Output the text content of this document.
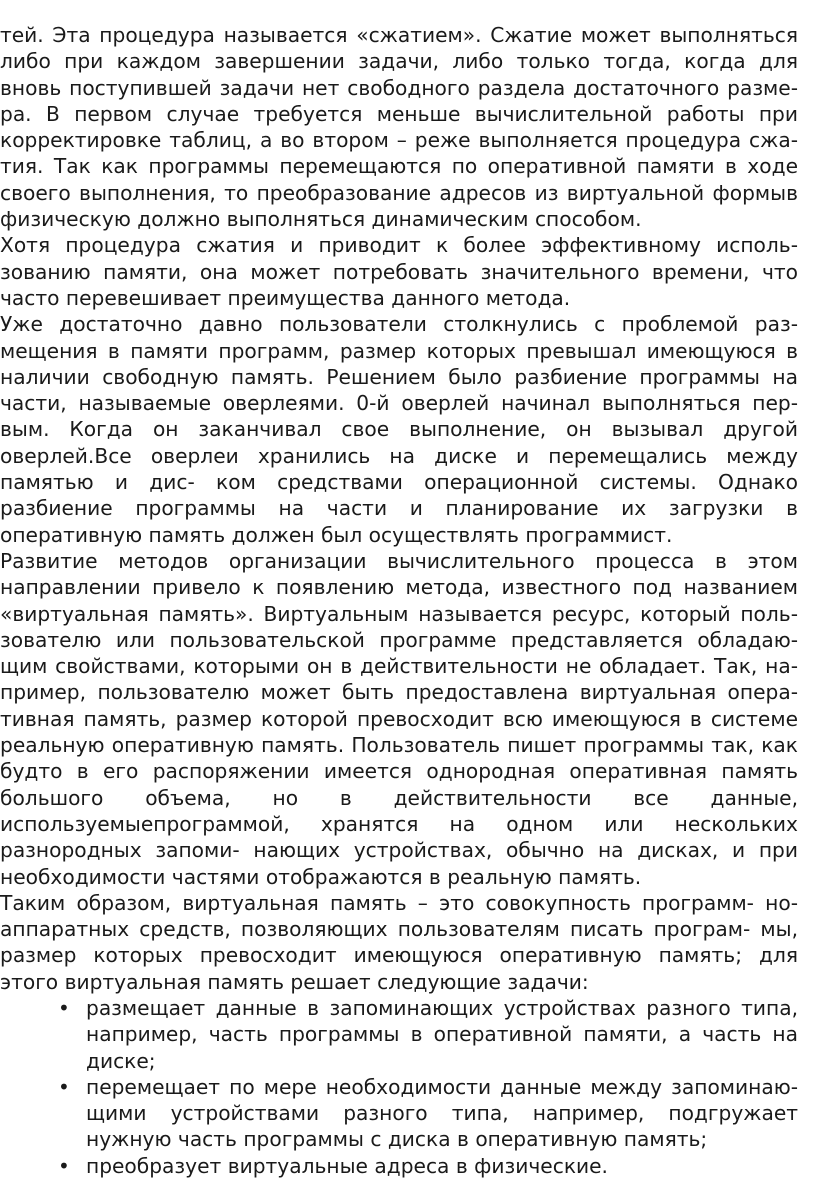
тей. Эта процедура называется «сжатием». Сжатие может выполняться либо при каждом завершении задачи, либо только тогда, когда для вновь поступившей задачи нет свободного раздела достаточного разме- ра. В первом случае требуется меньше вычислительной работы при корректировке таблиц, а во втором – реже выполняется процедура сжа- тия. Так как программы перемещаются по оперативной памяти в ходе своего выполнения, то преобразование адресов из виртуальной формыв физическую должно выполняться динамическим способом.

Хотя процедура сжатия и приводит к более эффективному исполь- зованию памяти, она может потребовать значительного времени, что часто перевешивает преимущества данного метода.

Уже достаточно давно пользователи столкнулись с проблемой раз- мещения в памяти программ, размер которых превышал имеющуюся в наличии свободную память. Решением было разбиение программы на части, называемые оверлеями. 0-й оверлей начинал выполняться пер- вым. Когда он заканчивал свое выполнение, он вызывал другой оверлей.Все оверлеи хранились на диске и перемещались между памятью и дис- ком средствами операционной системы. Однако разбиение программы на части и планирование их загрузки в оперативную память должен был осуществлять программист.

Развитие методов организации вычислительного процесса в этом направлении привело к появлению метода, известного под названием «виртуальная память». Виртуальным называется ресурс, который поль- зователю или пользовательской программе представляется обладаю- щим свойствами, которыми он в действительности не обладает. Так, на- пример, пользователю может быть предоставлена виртуальная опера- тивная память, размер которой превосходит всю имеющуюся в системе реальную оперативную память. Пользователь пишет программы так, как будто в его распоряжении имеется однородная оперативная память большого объема, но в действительности все данные, используемыепрограммой, хранятся на одном или нескольких разнородных запоми- нающих устройствах, обычно на дисках, и при необходимости частями отображаются в реальную память.

Таким образом, виртуальная память – это совокупность программ- но-аппаратных средств, позволяющих пользователям писать програм- мы, размер которых превосходит имеющуюся оперативную память; для этого виртуальная память решает следующие задачи:

• размещает данные в запоминающих устройствах разного типа, например, часть программы в оперативной памяти, а часть на диске;
• перемещает по мере необходимости данные между запоминаю- щими устройствами разного типа, например, подгружает нужную часть программы с диска в оперативную память;
• преобразует виртуальные адреса в физические.
